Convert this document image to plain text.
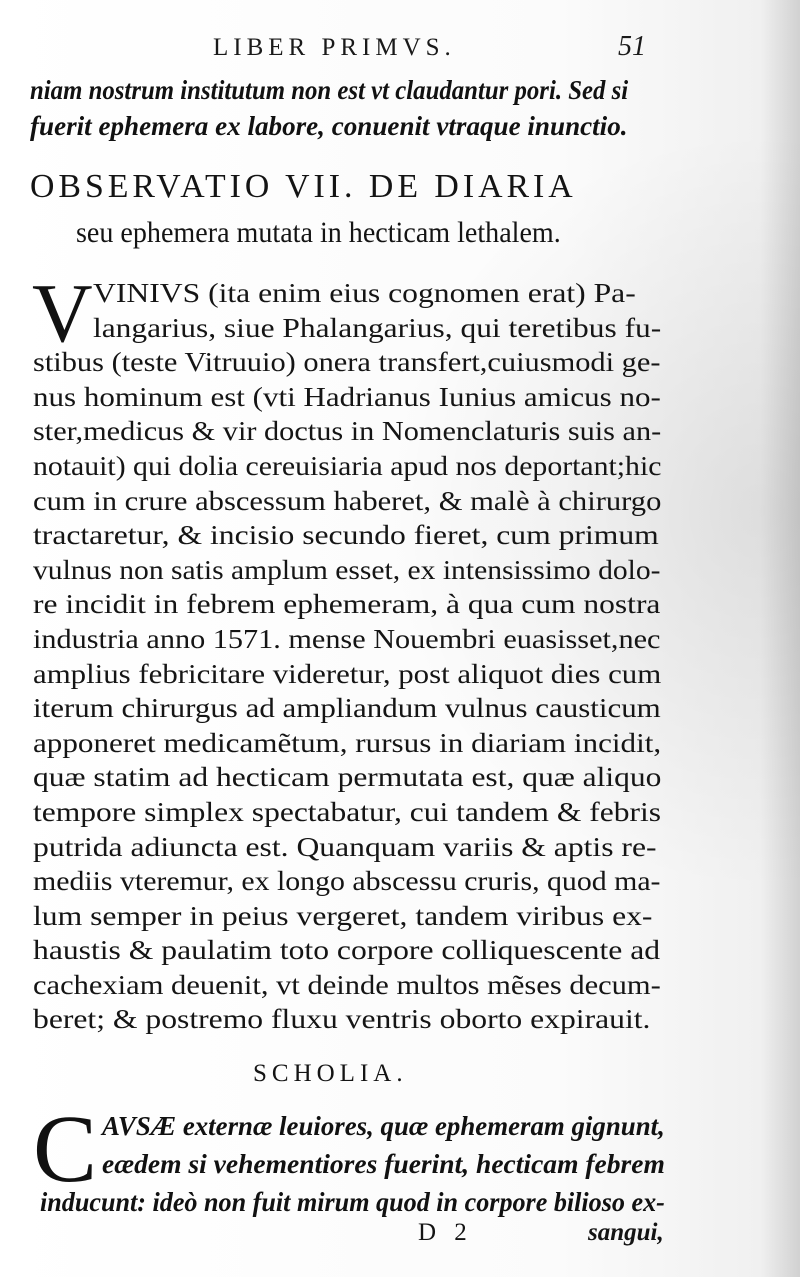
LIBER PRIMVS.	51
niam nostrum institutum non est vt claudantur pori. Sed si
fuerit ephemera ex labore, conuenit vtraque inunctio.
OBSERVATIO VII. DE DIARIA
seu ephemera mutata in hecticam lethalem.
V VINIVS (ita enim eius cognomen erat) Pa-
langarius, siue Phalangarius, qui teretibus fu-
stibus (teste Vitruuio) onera transfert,cuiusmodi ge-
nus hominum est (vti Hadrianus Iunius amicus no-
ster,medicus & vir doctus in Nomenclaturis suis an-
notauit) qui dolia cereuisiaria apud nos deportant;hic
cum in crure abscessum haberet, & malè à chirurgo
tractaretur, & incisio secundo fieret, cum primum
vulnus non satis amplum esset, ex intensissimo dolo-
re incidit in febrem ephemeram, à qua cum nostra
industria anno 1571. mense Nouembri euasisset,nec
amplius febricitare videretur, post aliquot dies cum
iterum chirurgus ad ampliandum vulnus causticum
apponeret medicamẽtum, rursus in diariam incidit,
quæ statim ad hecticam permutata est, quæ aliquo
tempore simplex spectabatur, cui tandem & febris
putrida adiuncta est. Quanquam variis & aptis re-
mediis vteremur, ex longo abscessu cruris, quod ma-
lum semper in peius vergeret, tandem viribus ex-
haustis & paulatim toto corpore colliquescente ad
cachexiam deuenit, vt deinde multos mẽses decum-
beret; & postremo fluxu ventris oborto expirauit.
SCHOLIA.
C AVSÆ externæ leuiores, quæ ephemeram gignunt,
eædem si vehementiores fuerint, hecticam febrem
inducunt: ideò non fuit mirum quod in corpore bilioso ex-
D 2	sangui,
